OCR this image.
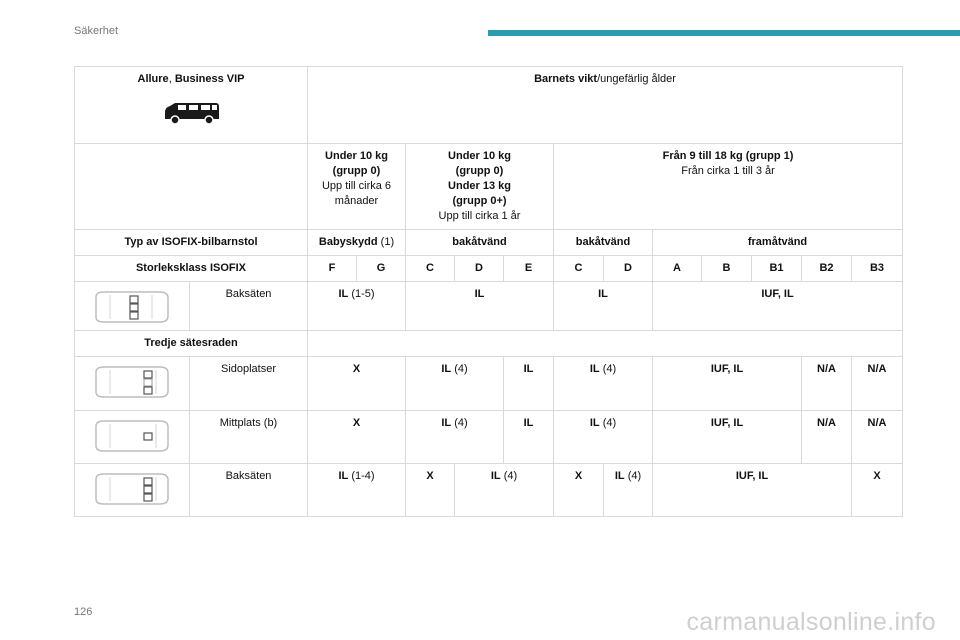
Säkerhet
Allure, Business VIP		Barnets vikt/ungefärlig ålder											

		Under 10 kg
(grupp 0)
Upp till cirka 6
månader		Under 10 kg
(grupp 0)
Under 13 kg
(grupp 0+)
Upp till cirka 1 år			Från 9 till 18 kg (grupp 1)
Från cirka 1 till 3 år						

Typ av ISOFIX-bilbarnstol		Babyskydd (1)		bakåtvänd			bakåtvänd		framåtvänd				
Storleksklass ISOFIX		F	G	C	D	E	C	D	A	B	B1	B2	B3

	Baksäten	IL (1-5)		IL			IL		IUF, IL				
Tredje sätesraden													

	Sidoplatser	X		IL (4)		IL	IL (4)		IUF, IL			N/A	N/A

	Mittplats (b)	X		IL (4)		IL	IL (4)		IUF, IL			N/A	N/A

	Baksäten	IL (1-4)		X	IL (4)		X	IL (4)	IUF, IL				X
126	carmanualsonline.info
